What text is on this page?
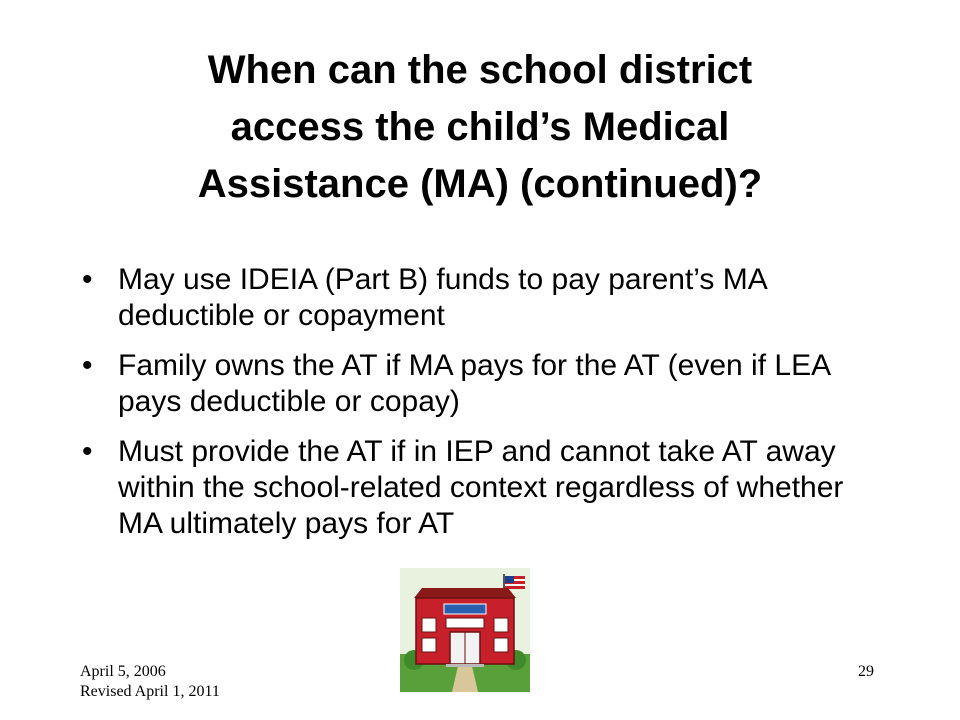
When can the school district
access the child’s Medical
Assistance (MA) (continued)?
• May use IDEIA (Part B) funds to pay parent’s MA deductible or copayment
• Family owns the AT if MA pays for the AT (even if LEA pays deductible or copay)
• Must provide the AT if in IEP and cannot take AT away within the school-related context regardless of whether MA ultimately pays for AT
April 5, 2006
Revised April 1, 2011
29
